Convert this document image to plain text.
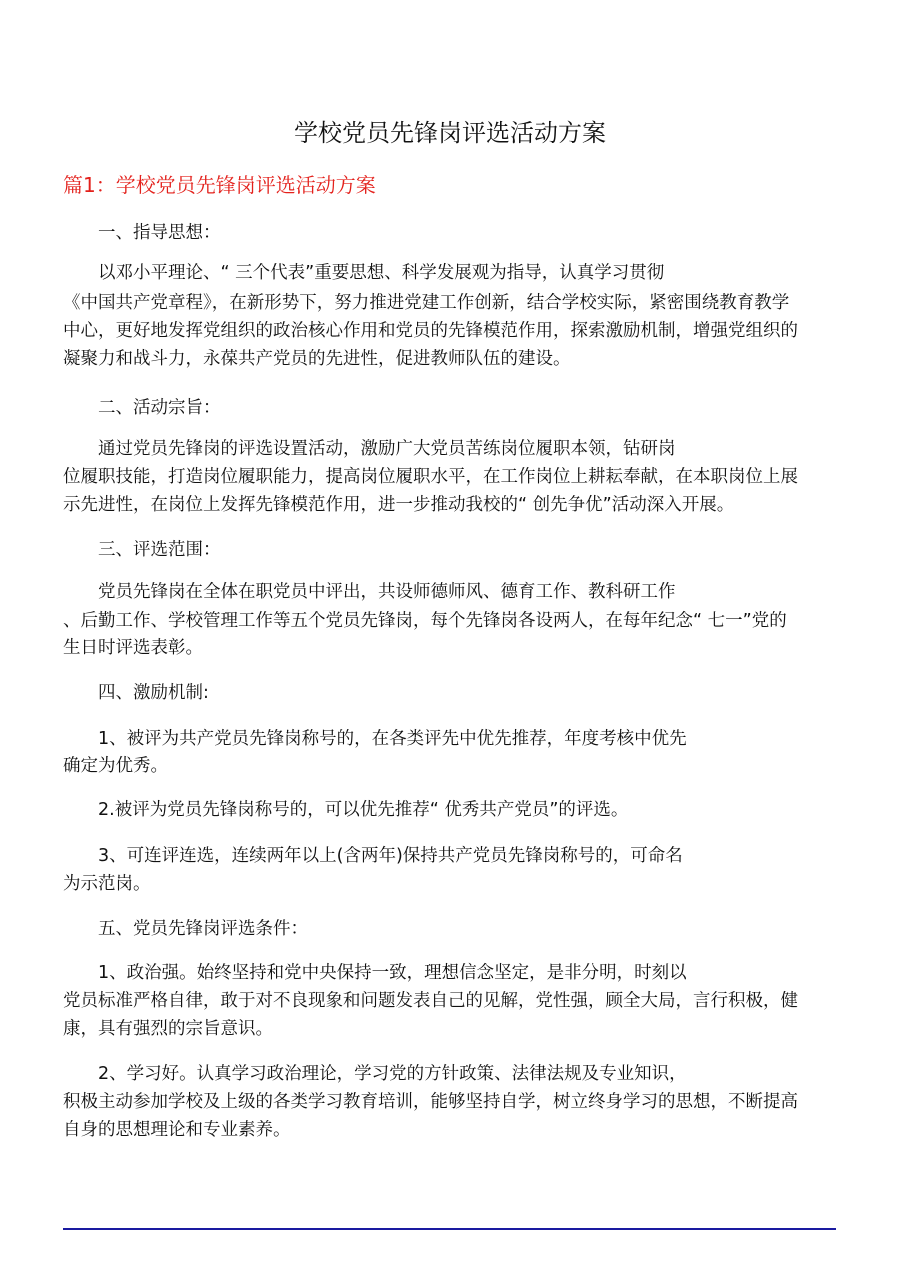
学校党员先锋岗评选活动方案
篇1：学校党员先锋岗评选活动方案
一、指导思想：
以邓小平理论、“ 三个代表”重要思想、科学发展观为指导，认真学习贯彻
《中国共产党章程》，在新形势下，努力推进党建工作创新，结合学校实际，紧密围绕教育教学
中心，更好地发挥党组织的政治核心作用和党员的先锋模范作用，探索激励机制，增强党组织的
凝聚力和战斗力，永葆共产党员的先进性，促进教师队伍的建设。
二、活动宗旨：
通过党员先锋岗的评选设置活动，激励广大党员苦练岗位履职本领，钻研岗
位履职技能，打造岗位履职能力，提高岗位履职水平，在工作岗位上耕耘奉献，在本职岗位上展
示先进性，在岗位上发挥先锋模范作用，进一步推动我校的“ 创先争优”活动深入开展。
三、评选范围：
党员先锋岗在全体在职党员中评出，共设师德师风、德育工作、教科研工作
、后勤工作、学校管理工作等五个党员先锋岗，每个先锋岗各设两人，在每年纪念“ 七一”党的
生日时评选表彰。
四、激励机制:
1、被评为共产党员先锋岗称号的，在各类评先中优先推荐，年度考核中优先
确定为优秀。
2.被评为党员先锋岗称号的，可以优先推荐“ 优秀共产党员”的评选。
3、可连评连选，连续两年以上(含两年)保持共产党员先锋岗称号的，可命名
为示范岗。
五、党员先锋岗评选条件：
1、政治强。始终坚持和党中央保持一致，理想信念坚定，是非分明，时刻以
党员标准严格自律，敢于对不良现象和问题发表自己的见解，党性强，顾全大局，言行积极，健
康，具有强烈的宗旨意识。
2、学习好。认真学习政治理论，学习党的方针政策、法律法规及专业知识，
积极主动参加学校及上级的各类学习教育培训，能够坚持自学，树立终身学习的思想，不断提高
自身的思想理论和专业素养。
